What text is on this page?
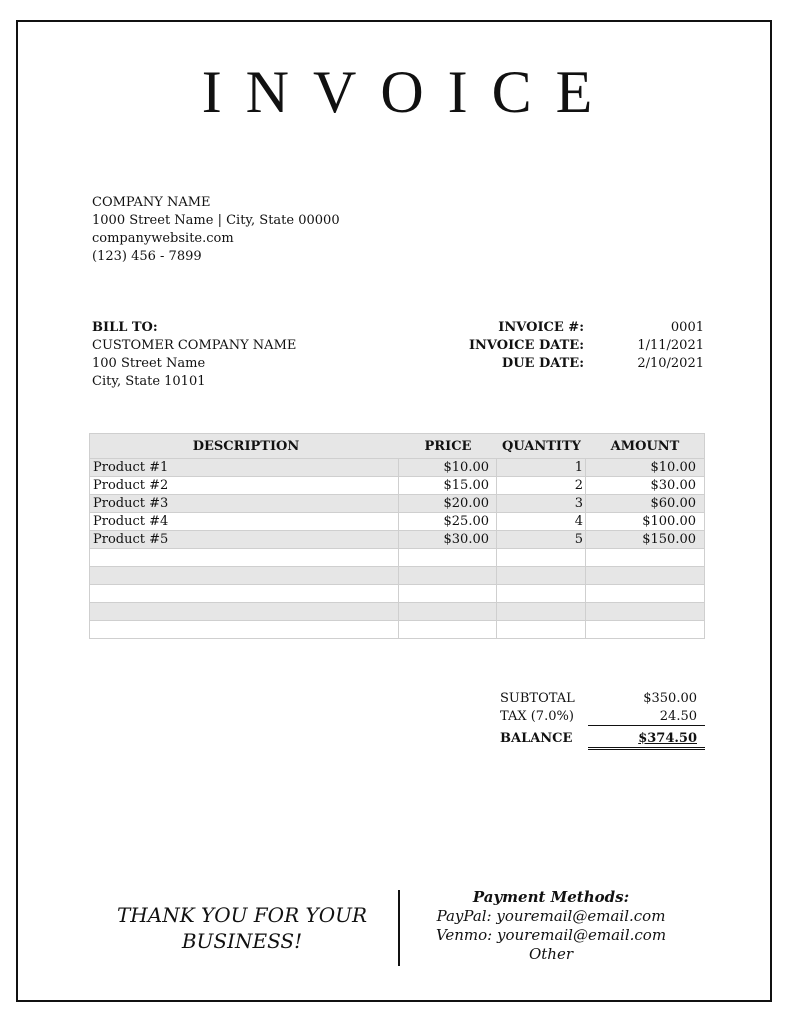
INVOICE
COMPANY NAME
1000 Street Name | City, State 00000
companywebsite.com
(123) 456 - 7899
BILL TO:
CUSTOMER COMPANY NAME
100 Street Name
City, State 10101
INVOICE #:	0001
INVOICE DATE:	1/11/2021
DUE DATE:	2/10/2021
DESCRIPTION	PRICE	QUANTITY	AMOUNT
Product #1	$10.00	1	$10.00
Product #2	$15.00	2	$30.00
Product #3	$20.00	3	$60.00
Product #4	$25.00	4	$100.00
Product #5	$30.00	5	$150.00
SUBTOTAL	$350.00
TAX (7.0%)	24.50
BALANCE	$374.50
THANK YOU FOR YOUR
BUSINESS!
Payment Methods:
PayPal: youremail@email.com
Venmo: youremail@email.com
Other
